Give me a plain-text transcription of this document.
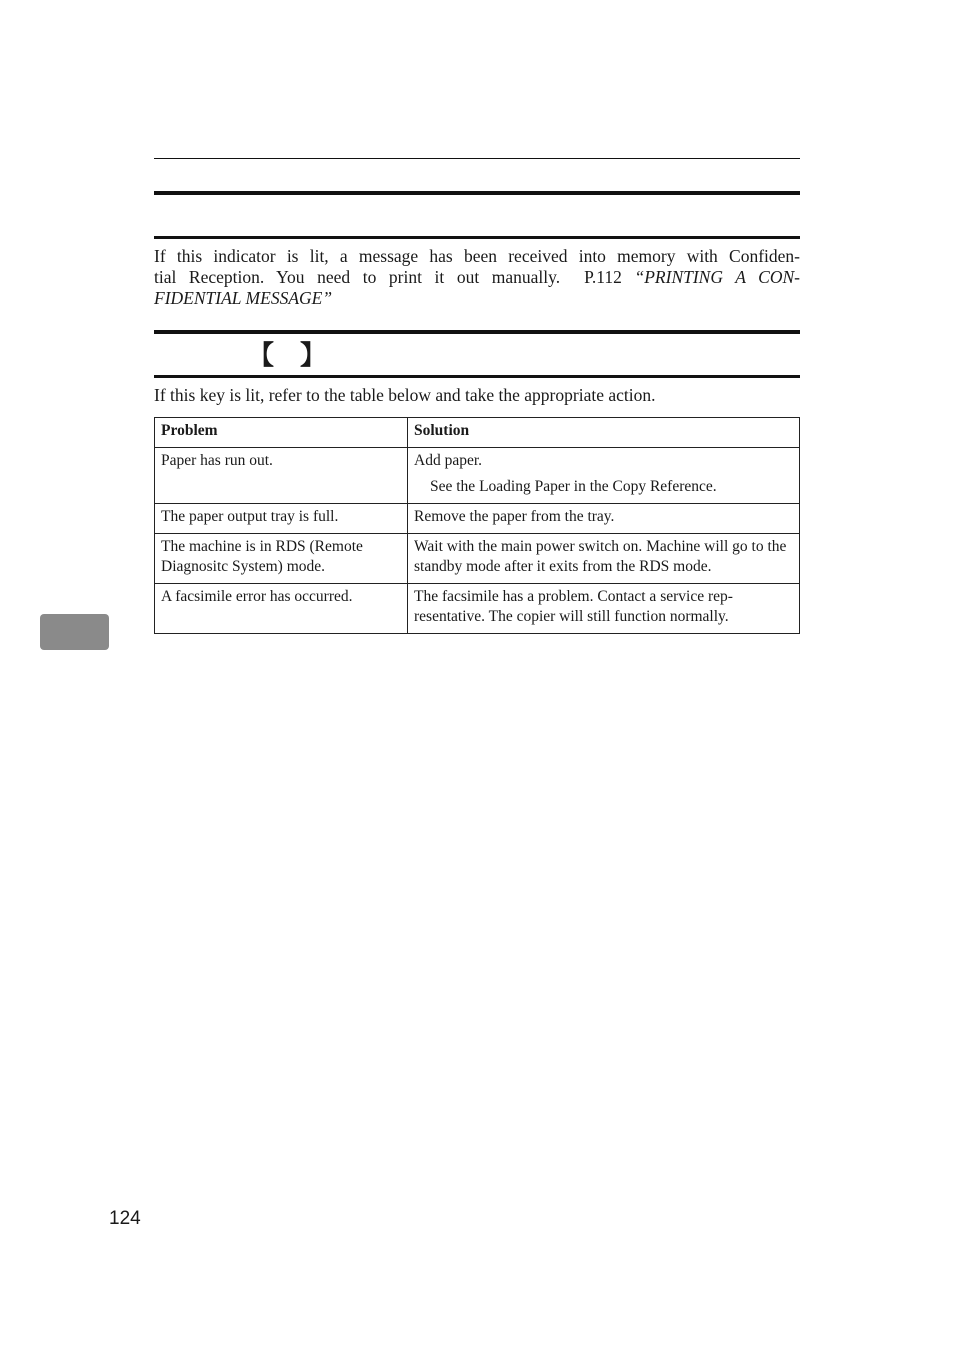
If this indicator is lit, a message has been received into memory with Confiden-
tial Reception. You need to print it out manually. P.112 “PRINTING A CON-
FIDENTIAL MESSAGE”

【 】

If this key is lit, refer to the table below and take the appropriate action.

Problem	Solution
Paper has run out.	Add paper.
See the Loading Paper in the Copy Reference.

The paper output tray is full.	Remove the paper from the tray.
The machine is in RDS (Remote Diagnositc System) mode.	Wait with the main power switch on. Machine will go to the standby mode after it exits from the RDS mode.
A facsimile error has occurred.	The facsimile has a problem. Contact a service rep-resentative. The copier will still function normally.
124
